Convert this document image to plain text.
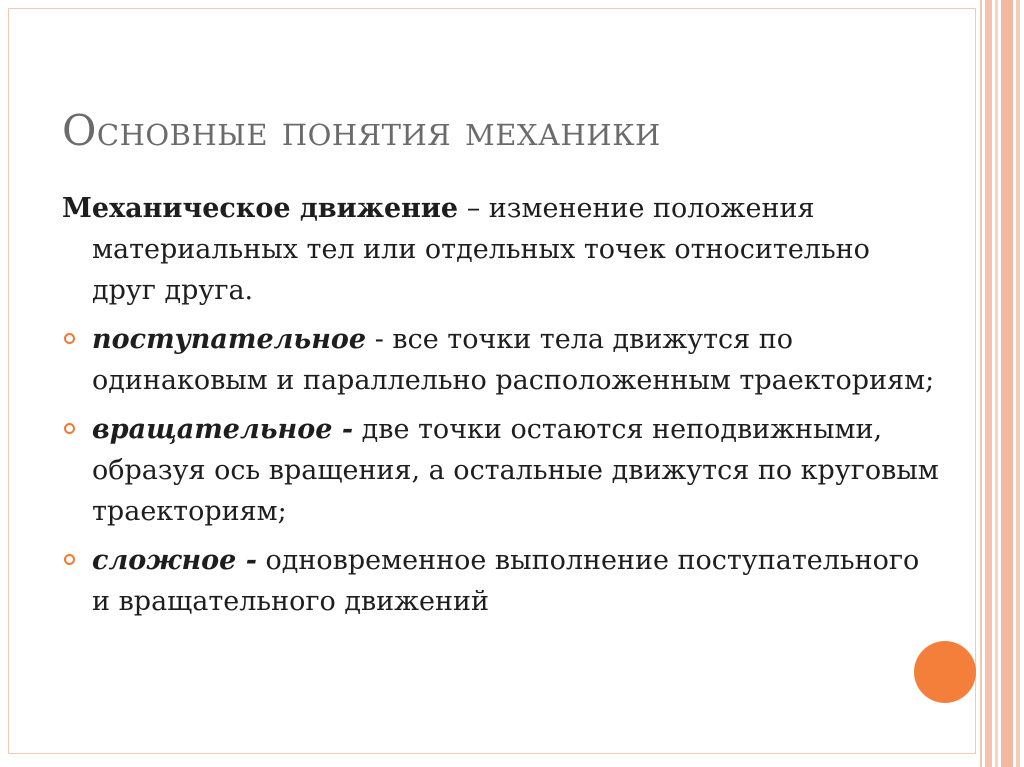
Основные понятия механики

Механическое движение – изменение положения материальных тел или отдельных точек относительно друг друга.

поступательное - все точки тела движутся по одинаковым и параллельно расположенным траекториям;

вращательное - две точки остаются неподвижными, образуя ось вращения, а остальные движутся по круговым траекториям;

сложное - одновременное выполнение поступательного и вращательного движений
